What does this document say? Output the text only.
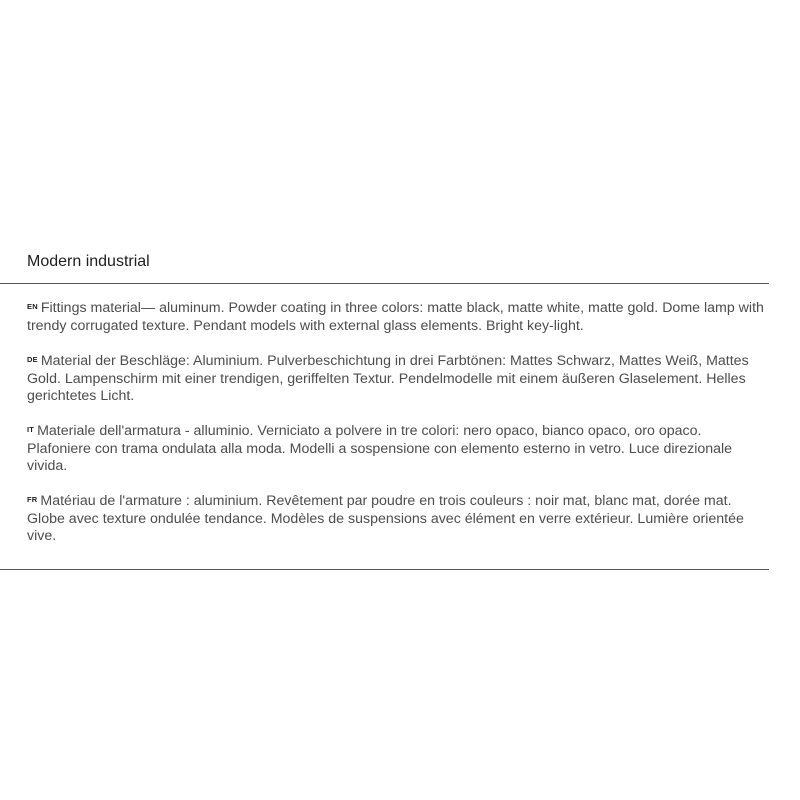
Modern industrial
$^{EN}$ Fittings material— aluminum. Powder coating in three colors: matte black, matte white, matte gold. Dome lamp with trendy corrugated texture. Pendant models with external glass elements. Bright key-light.
$^{DE}$ Material der Beschläge: Aluminium. Pulverbeschichtung in drei Farbtönen: Mattes Schwarz, Mattes Weiß, Mattes Gold. Lampenschirm mit einer trendigen, geriffelten Textur. Pendelmodelle mit einem äußeren Glaselement. Helles gerichtetes Licht.
$^{IT}$ Materiale dell'armatura - alluminio. Verniciato a polvere in tre colori: nero opaco, bianco opaco, oro opaco. Plafoniere con trama ondulata alla moda. Modelli a sospensione con elemento esterno in vetro. Luce direzionale vivida.
$^{FR}$ Matériau de l'armature : aluminium. Revêtement par poudre en trois couleurs : noir mat, blanc mat, dorée mat. Globe avec texture ondulée tendance. Modèles de suspensions avec élément en verre extérieur. Lumière orientée vive.
